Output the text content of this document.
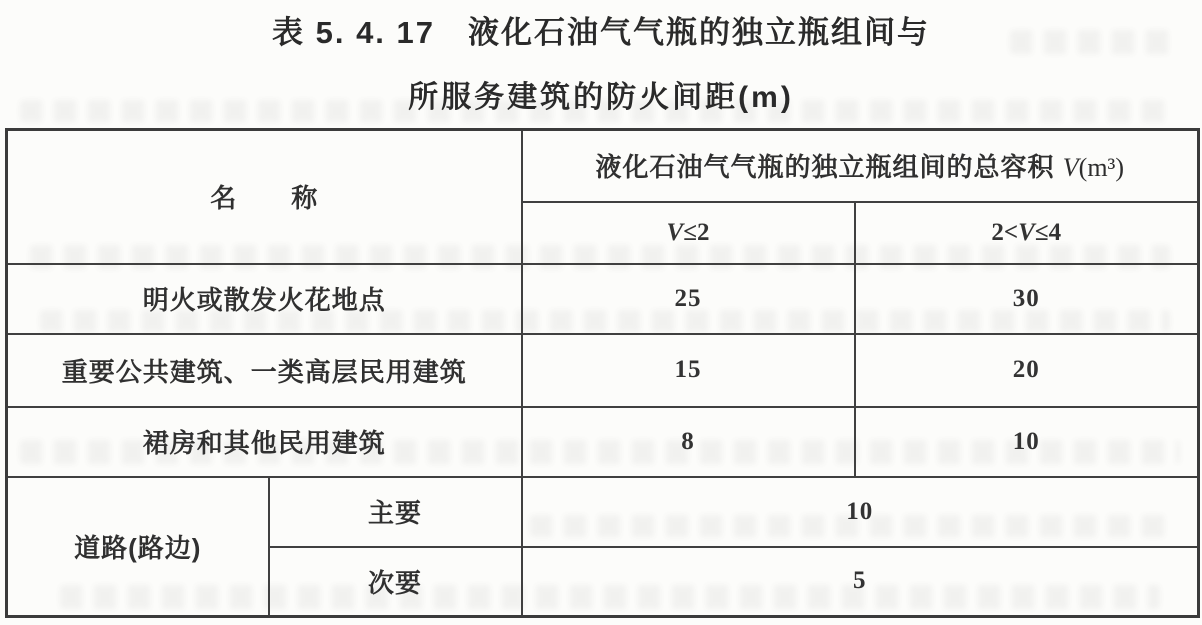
表 5. 4. 17　液化石油气气瓶的独立瓶组间与
所服务建筑的防火间距(m)
名　　称		液化石油气气瓶的独立瓶组间的总容积 V(m³)	
		V≤2	2<V≤4
明火或散发火花地点		25	30
重要公共建筑、一类高层民用建筑		15	20
裙房和其他民用建筑		8	10
道路(路边)	主要	10	
	次要	5	
